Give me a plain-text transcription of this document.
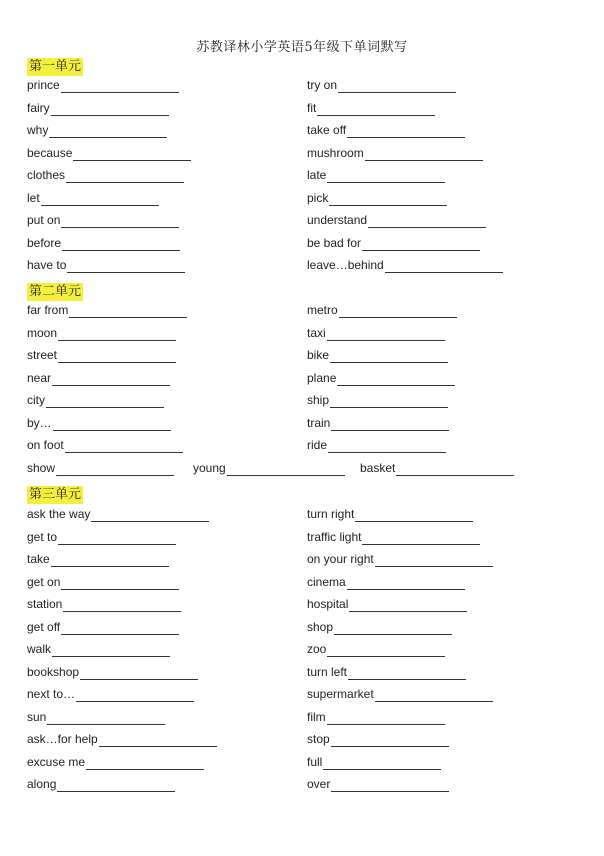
苏教译林小学英语5年级下单词默写
第一单元
prince
fairy
why
because
clothes
let
put on
before
have to
try on
fit
take off
mushroom
late
pick
understand
be bad for
leave…behind
第二单元
far from
moon
street
near
city
by…
on foot
metro
taxi
bike
plane
ship
train
ride
show	young	basket
第三单元
ask the way
get to
take
get on
station
get off
walk
bookshop
next to…
sun
ask…for help
excuse me
along
turn right
traffic light
on your right
cinema
hospital
shop
zoo
turn left
supermarket
film
stop
full
over
